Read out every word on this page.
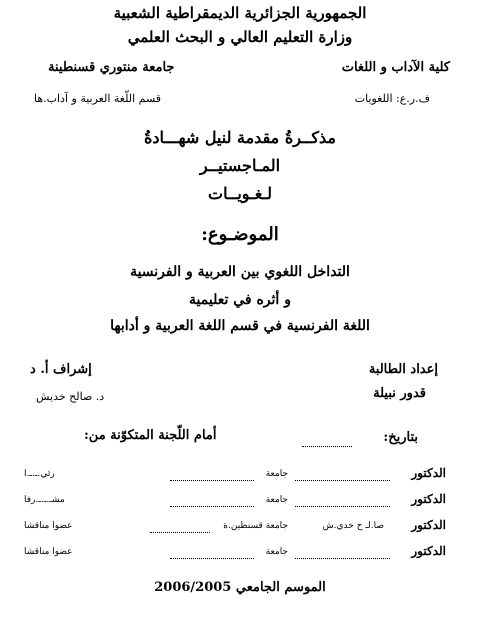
الجمهورية الجزائرية الديمقراطية الشعبية
وزارة التعليم العالي و البحث العلمي
كلية الآداب و اللغات
جامعة منتوري قسنطينة
ف.ر.ع: اللغويات
قسم اللّغة العربية و آداب.ها
مذكــرةُ مقدمة لنيل شهـــادةُ
المـاجستيــر
لـغـويــات
الموضـوع:
التداخل اللغوي بين العربية و الفرنسية
و أثره في تعليمية
اللغة الفرنسية في قسم اللغة العربية و أدابها
إعداد الطالبة
إشراف أ. د
قدور نبيلة
د. صالح خديش
بتاريخ:
أمام اللّجنة المتكوّنة من:
الدكتور
جامعة
رئي.ـ.ـ.ا
الدكتور
جامعة
مشـ.ـ.ـ.رفا
الدكتور
صا.لـ ح خدي.ش
جامعة قسنطين.ة
عضوا مناقشا
الدكتور
جامعة
عضوا مناقشا
الموسم الجامعي 2006/2005
